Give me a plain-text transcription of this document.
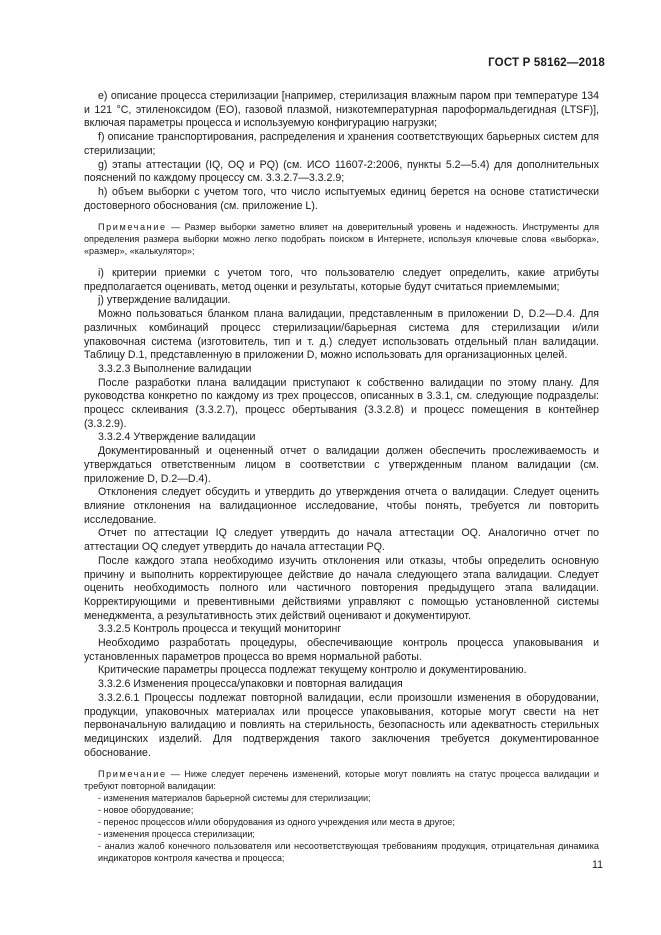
ГОСТ Р 58162—2018

e) описание процесса стерилизации [например, стерилизация влажным паром при температуре 134 и 121 °С, этиленоксидом (ЕО), газовой плазмой, низкотемпературная пароформальдегидная (LTSF)], включая параметры процесса и используемую конфигурацию нагрузки;

f) описание транспортирования, распределения и хранения соответствующих барьерных систем для стерилизации;

g) этапы аттестации (IQ, OQ и PQ) (см. ИСО 11607-2:2006, пункты 5.2—5.4) для дополнительных пояснений по каждому процессу см. 3.3.2.7—3.3.2.9;

h) объем выборки с учетом того, что число испытуемых единиц берется на основе статистически достоверного обоснования (см. приложение L).

Примечание — Размер выборки заметно влияет на доверительный уровень и надежность. Инструменты для определения размера выборки можно легко подобрать поиском в Интернете, используя ключевые слова «выборка», «размер», «калькулятор»;

i) критерии приемки с учетом того, что пользователю следует определить, какие атрибуты предполагается оценивать, метод оценки и результаты, которые будут считаться приемлемыми;

j) утверждение валидации.

Можно пользоваться бланком плана валидации, представленным в приложении D, D.2—D.4. Для различных комбинаций процесс стерилизации/барьерная система для стерилизации и/или упаковочная система (изготовитель, тип и т. д.) следует использовать отдельный план валидации. Таблицу D.1, представленную в приложении D, можно использовать для организационных целей.

3.3.2.3 Выполнение валидации

После разработки плана валидации приступают к собственно валидации по этому плану. Для руководства конкретно по каждому из трех процессов, описанных в 3.3.1, см. следующие подразделы: процесс склеивания (3.3.2.7), процесс обертывания (3.3.2.8) и процесс помещения в контейнер (3.3.2.9).

3.3.2.4 Утверждение валидации

Документированный и оцененный отчет о валидации должен обеспечить прослеживаемость и утверждаться ответственным лицом в соответствии с утвержденным планом валидации (см. приложение D, D.2—D.4).

Отклонения следует обсудить и утвердить до утверждения отчета о валидации. Следует оценить влияние отклонения на валидационное исследование, чтобы понять, требуется ли повторить исследование.

Отчет по аттестации IQ следует утвердить до начала аттестации OQ. Аналогично отчет по аттестации OQ следует утвердить до начала аттестации PQ.

После каждого этапа необходимо изучить отклонения или отказы, чтобы определить основную причину и выполнить корректирующее действие до начала следующего этапа валидации. Следует оценить необходимость полного или частичного повторения предыдущего этапа валидации. Корректирующими и превентивными действиями управляют с помощью установленной системы менеджмента, а результативность этих действий оценивают и документируют.

3.3.2.5 Контроль процесса и текущий мониторинг

Необходимо разработать процедуры, обеспечивающие контроль процесса упаковывания и установленных параметров процесса во время нормальной работы.

Критические параметры процесса подлежат текущему контролю и документированию.

3.3.2.6 Изменения процесса/упаковки и повторная валидация

3.3.2.6.1 Процессы подлежат повторной валидации, если произошли изменения в оборудовании, продукции, упаковочных материалах или процессе упаковывания, которые могут свести на нет первоначальную валидацию и повлиять на стерильность, безопасность или адекватность стерильных медицинских изделий. Для подтверждения такого заключения требуется документированное обоснование.

Примечание — Ниже следует перечень изменений, которые могут повлиять на статус процесса валидации и требуют повторной валидации:
- изменения материалов барьерной системы для стерилизации;
- новое оборудование;
- перенос процессов и/или оборудования из одного учреждения или места в другое;
- изменения процесса стерилизации;
- анализ жалоб конечного пользователя или несоответствующая требованиям продукция, отрицательная динамика индикаторов контроля качества и процесса;
11
